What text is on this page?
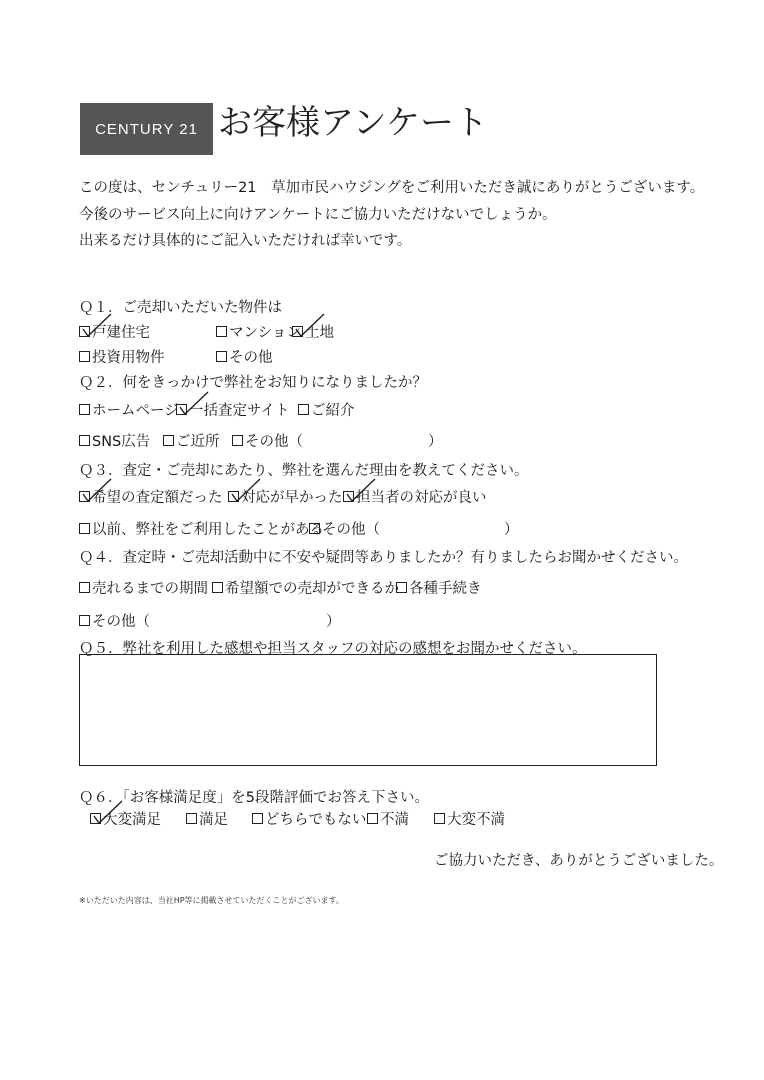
CENTURY 21 お客様アンケート
この度は、センチュリー21　草加市民ハウジングをご利用いただき誠にありがとうございます。
今後のサービス向上に向けアンケートにご協力いただけないでしょうか。
出来るだけ具体的にご記入いただければ幸いです。
Ｑ１．ご売却いただいた物件は
戸建住宅	マンション 土地
投資用物件	その他
Ｑ２．何をきっかけで弊社をお知りになりましたか？
ホームページ 一括査定サイト ご紹介
SNS広告 ご近所 その他（	）
Ｑ３．査定・ご売却にあたり、弊社を選んだ理由を教えてください。
希望の査定額だった 対応が早かった 担当者の対応が良い
以前、弊社をご利用したことがある
その他（	）
Ｑ４．査定時・ご売却活動中に不安や疑問等ありましたか？有りましたらお聞かせください。
売れるまでの期間 希望額での売却ができるか 各種手続き
その他（	）
Ｑ５．弊社を利用した感想や担当スタッフの対応の感想をお聞かせください。
Ｑ６．「お客様満足度」を5段階評価でお答え下さい。
大変満足	満足	どちらでもない 不満	大変不満
ご協力いただき、ありがとうございました。
※いただいた内容は、当社HP等に掲載させていただくことがございます。
